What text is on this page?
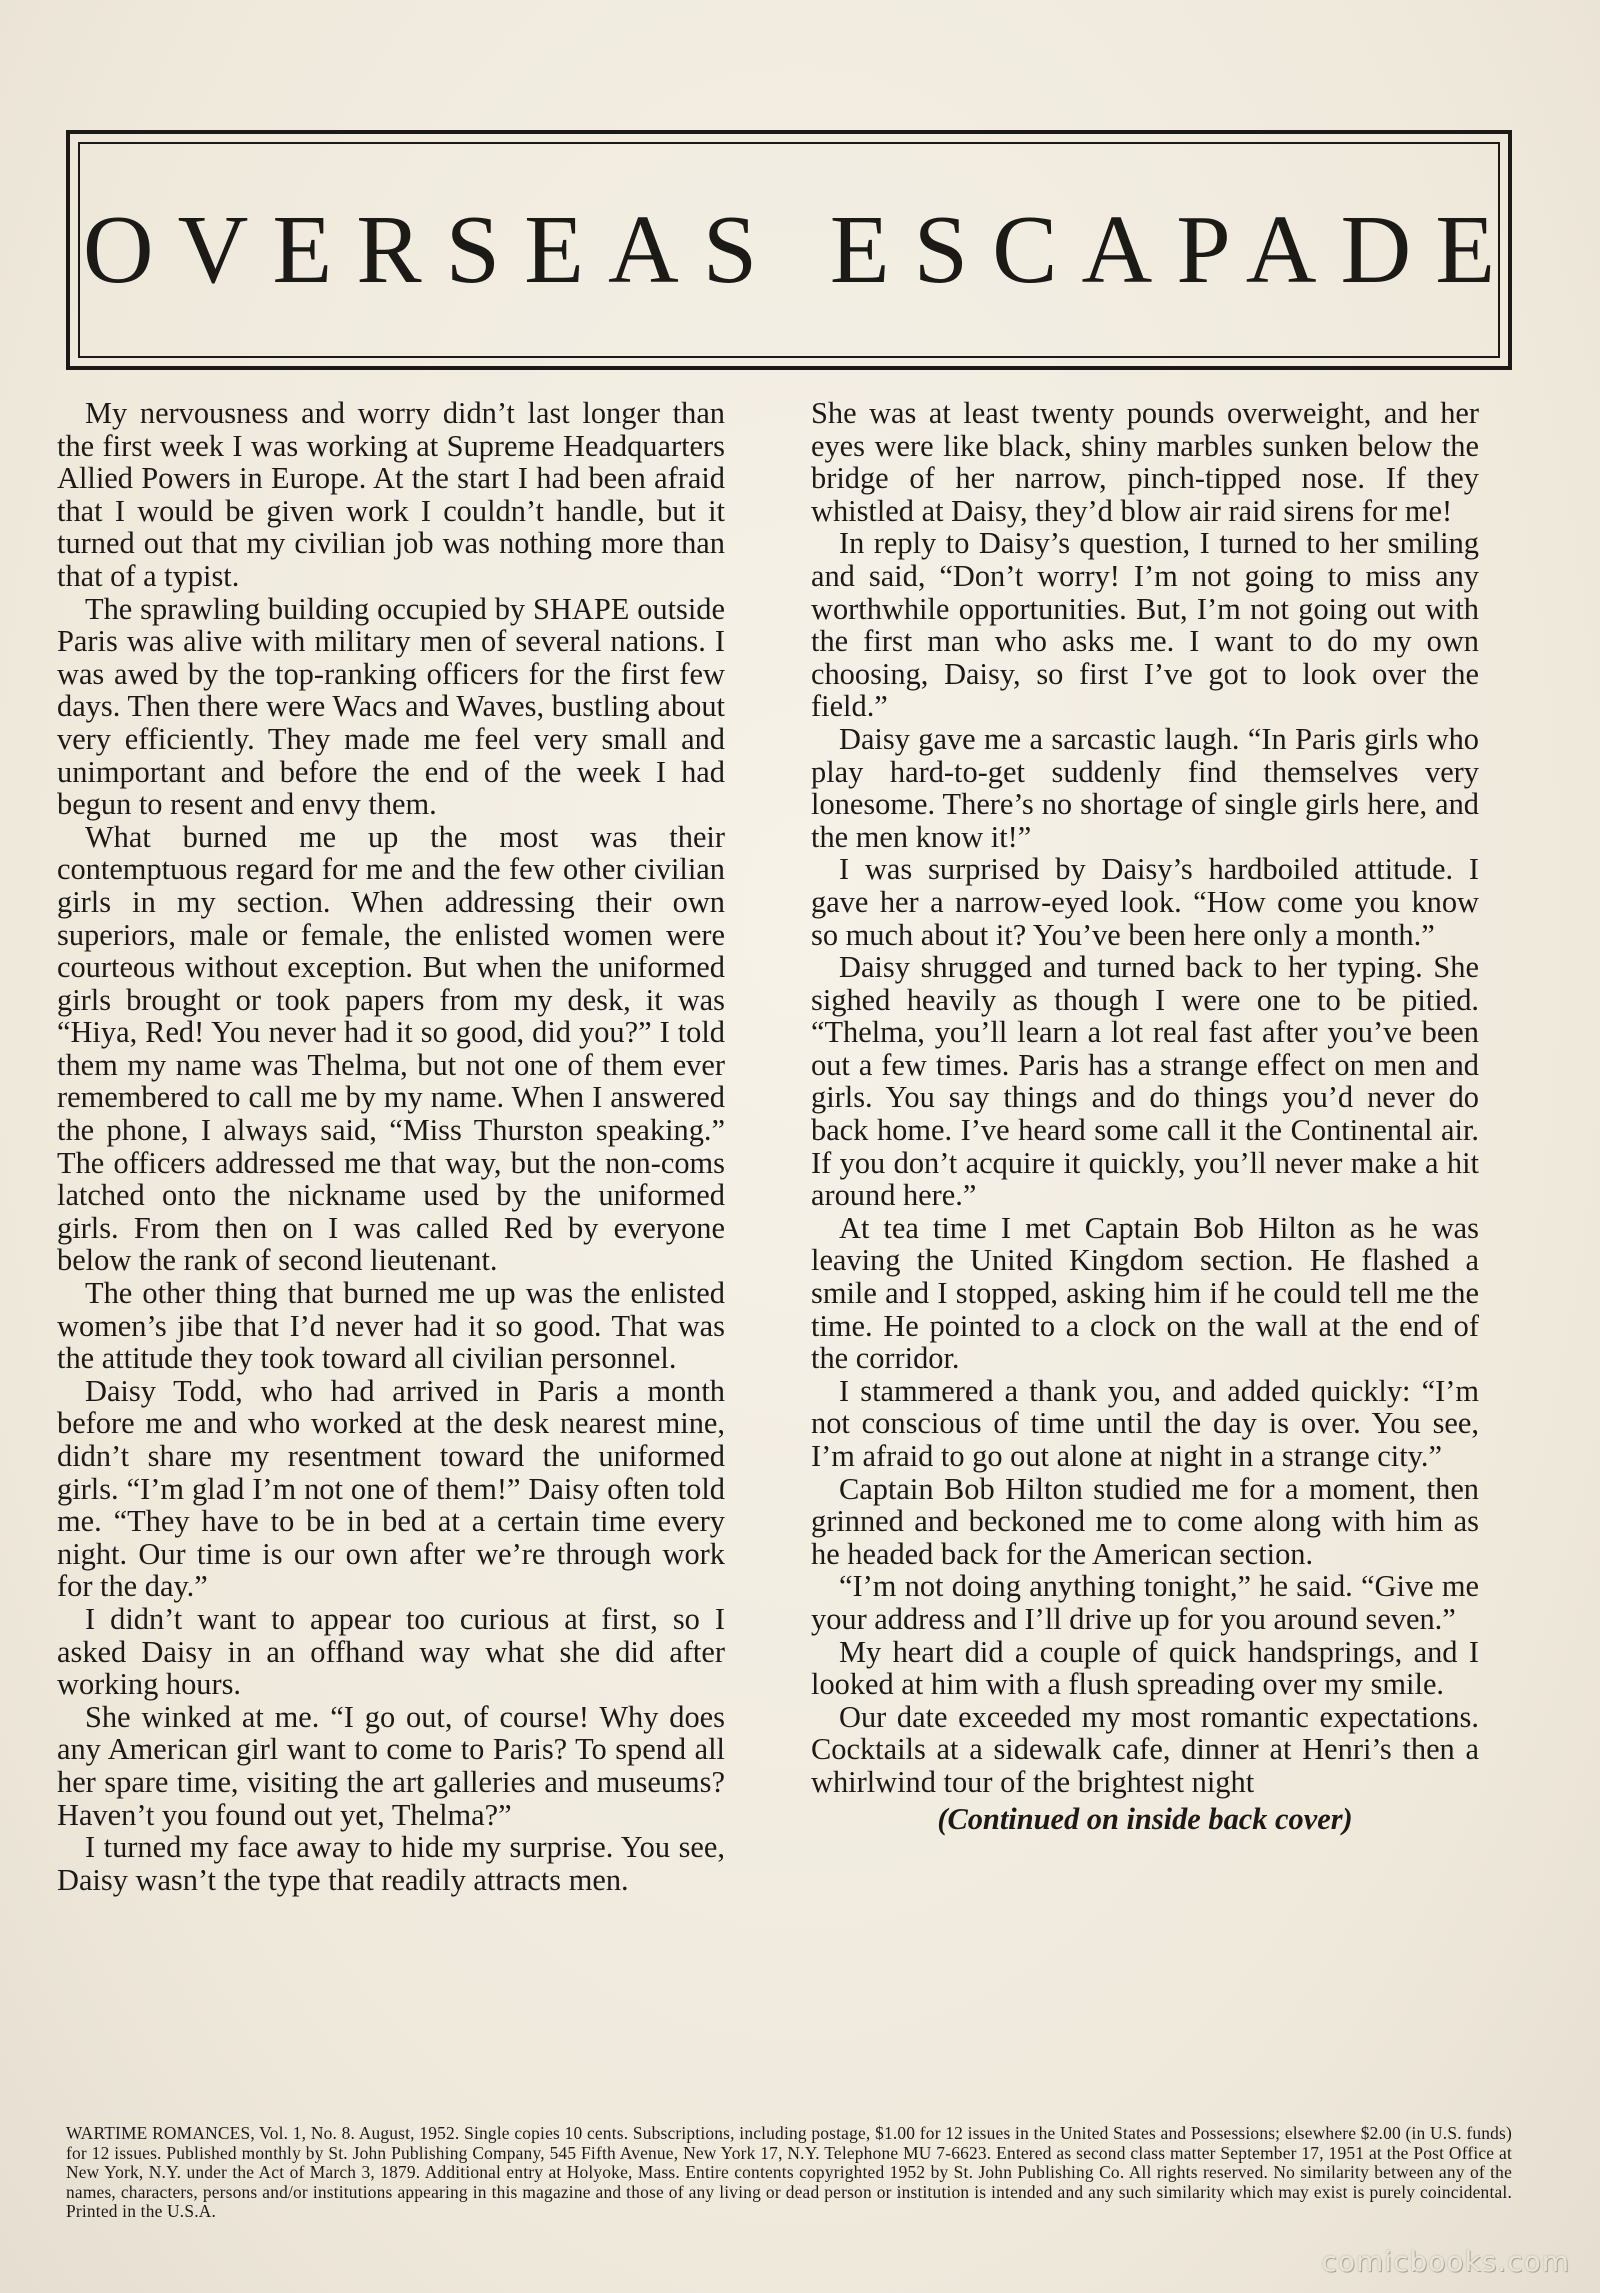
OVERSEAS ESCAPADE

My nervousness and worry didn’t last longer than the first week I was working at Supreme Headquarters Allied Powers in Europe. At the start I had been afraid that I would be given work I couldn’t handle, but it turned out that my civilian job was nothing more than that of a typist.

The sprawling building occupied by SHAPE outside Paris was alive with military men of several nations. I was awed by the top-ranking officers for the first few days. Then there were Wacs and Waves, bustling about very efficiently. They made me feel very small and unimportant and before the end of the week I had begun to resent and envy them.

What burned me up the most was their contemptuous regard for me and the few other civilian girls in my section. When addressing their own superiors, male or female, the enlisted women were courteous without exception. But when the uniformed girls brought or took papers from my desk, it was “Hiya, Red! You never had it so good, did you?” I told them my name was Thelma, but not one of them ever remembered to call me by my name. When I answered the phone, I always said, “Miss Thurston speaking.” The officers addressed me that way, but the non-coms latched onto the nickname used by the uniformed girls. From then on I was called Red by everyone below the rank of second lieutenant.

The other thing that burned me up was the enlisted women’s jibe that I’d never had it so good. That was the attitude they took toward all civilian personnel.

Daisy Todd, who had arrived in Paris a month before me and who worked at the desk nearest mine, didn’t share my resentment toward the uniformed girls. “I’m glad I’m not one of them!” Daisy often told me. “They have to be in bed at a certain time every night. Our time is our own after we’re through work for the day.”

I didn’t want to appear too curious at first, so I asked Daisy in an offhand way what she did after working hours.

She winked at me. “I go out, of course! Why does any American girl want to come to Paris? To spend all her spare time, visiting the art galleries and museums? Haven’t you found out yet, Thelma?”

I turned my face away to hide my surprise. You see, Daisy wasn’t the type that readily attracts men.

She was at least twenty pounds overweight, and her eyes were like black, shiny marbles sunken below the bridge of her narrow, pinch-tipped nose. If they whistled at Daisy, they’d blow air raid sirens for me!

In reply to Daisy’s question, I turned to her smiling and said, “Don’t worry! I’m not going to miss any worthwhile opportunities. But, I’m not going out with the first man who asks me. I want to do my own choosing, Daisy, so first I’ve got to look over the field.”

Daisy gave me a sarcastic laugh. “In Paris girls who play hard-to-get suddenly find themselves very lonesome. There’s no shortage of single girls here, and the men know it!”

I was surprised by Daisy’s hardboiled attitude. I gave her a narrow-eyed look. “How come you know so much about it? You’ve been here only a month.”

Daisy shrugged and turned back to her typing. She sighed heavily as though I were one to be pitied. “Thelma, you’ll learn a lot real fast after you’ve been out a few times. Paris has a strange effect on men and girls. You say things and do things you’d never do back home. I’ve heard some call it the Continental air. If you don’t acquire it quickly, you’ll never make a hit around here.”

At tea time I met Captain Bob Hilton as he was leaving the United Kingdom section. He flashed a smile and I stopped, asking him if he could tell me the time. He pointed to a clock on the wall at the end of the corridor.

I stammered a thank you, and added quickly: “I’m not conscious of time until the day is over. You see, I’m afraid to go out alone at night in a strange city.”

Captain Bob Hilton studied me for a moment, then grinned and beckoned me to come along with him as he headed back for the American section.

“I’m not doing anything tonight,” he said. “Give me your address and I’ll drive up for you around seven.”

My heart did a couple of quick handsprings, and I looked at him with a flush spreading over my smile.

Our date exceeded my most romantic expectations. Cocktails at a sidewalk cafe, dinner at Henri’s then a whirlwind tour of the brightest night

(Continued on inside back cover)

WARTIME ROMANCES, Vol. 1, No. 8. August, 1952. Single copies 10 cents. Subscriptions, including postage, $1.00 for 12 issues in the United States and Possessions; elsewhere $2.00 (in U.S. funds) for 12 issues. Published monthly by St. John Publishing Company, 545 Fifth Avenue, New York 17, N.Y. Telephone MU 7-6623. Entered as second class matter September 17, 1951 at the Post Office at New York, N.Y. under the Act of March 3, 1879. Additional entry at Holyoke, Mass. Entire contents copyrighted 1952 by St. John Publishing Co. All rights reserved. No similarity between any of the names, characters, persons and/or institutions appearing in this magazine and those of any living or dead person or institution is intended and any such similarity which may exist is purely coincidental. Printed in the U.S.A.
comicbooks.com
